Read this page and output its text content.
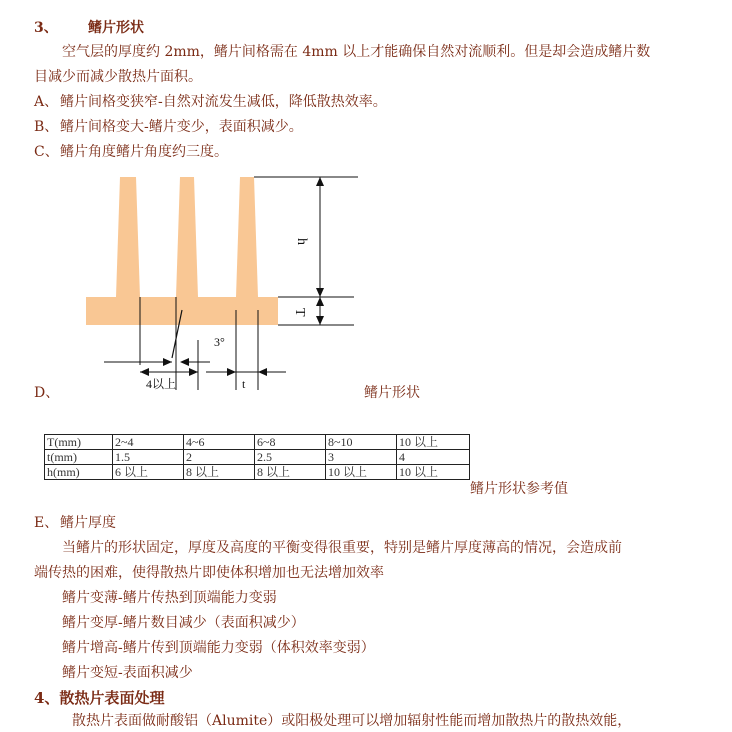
3、 鳍片形状
空气层的厚度约 2mm，鳍片间格需在 4mm 以上才能确保自然对流顺利。但是却会造成鳍片数
目减少而减少散热片面积。
A、 鳍片间格变狭窄-自然对流发生减低，降低散热效率。
B、 鳍片间格变大-鳍片变少，表面积减少。
C、 鳍片角度鳍片角度约三度。
h
T
3°
4以上	t
D、	鳍片形状
T(mm)	2~4	4~6	6~8	8~10	10 以上
t(mm)	1.5	2	2.5	3	4
h(mm)	6 以上	8 以上	8 以上	10 以上	10 以上
鳍片形状参考值
E、 鳍片厚度
当鳍片的形状固定，厚度及高度的平衡变得很重要，特别是鳍片厚度薄高的情况，会造成前
端传热的困难，使得散热片即使体积增加也无法增加效率
鳍片变薄-鳍片传热到顶端能力变弱
鳍片变厚-鳍片数目减少（表面积减少）
鳍片增高-鳍片传到顶端能力变弱（体积效率变弱）
鳍片变短-表面积减少
4、散热片表面处理
散热片表面做耐酸铝（Alumite）或阳极处理可以增加辐射性能而增加散热片的散热效能，
